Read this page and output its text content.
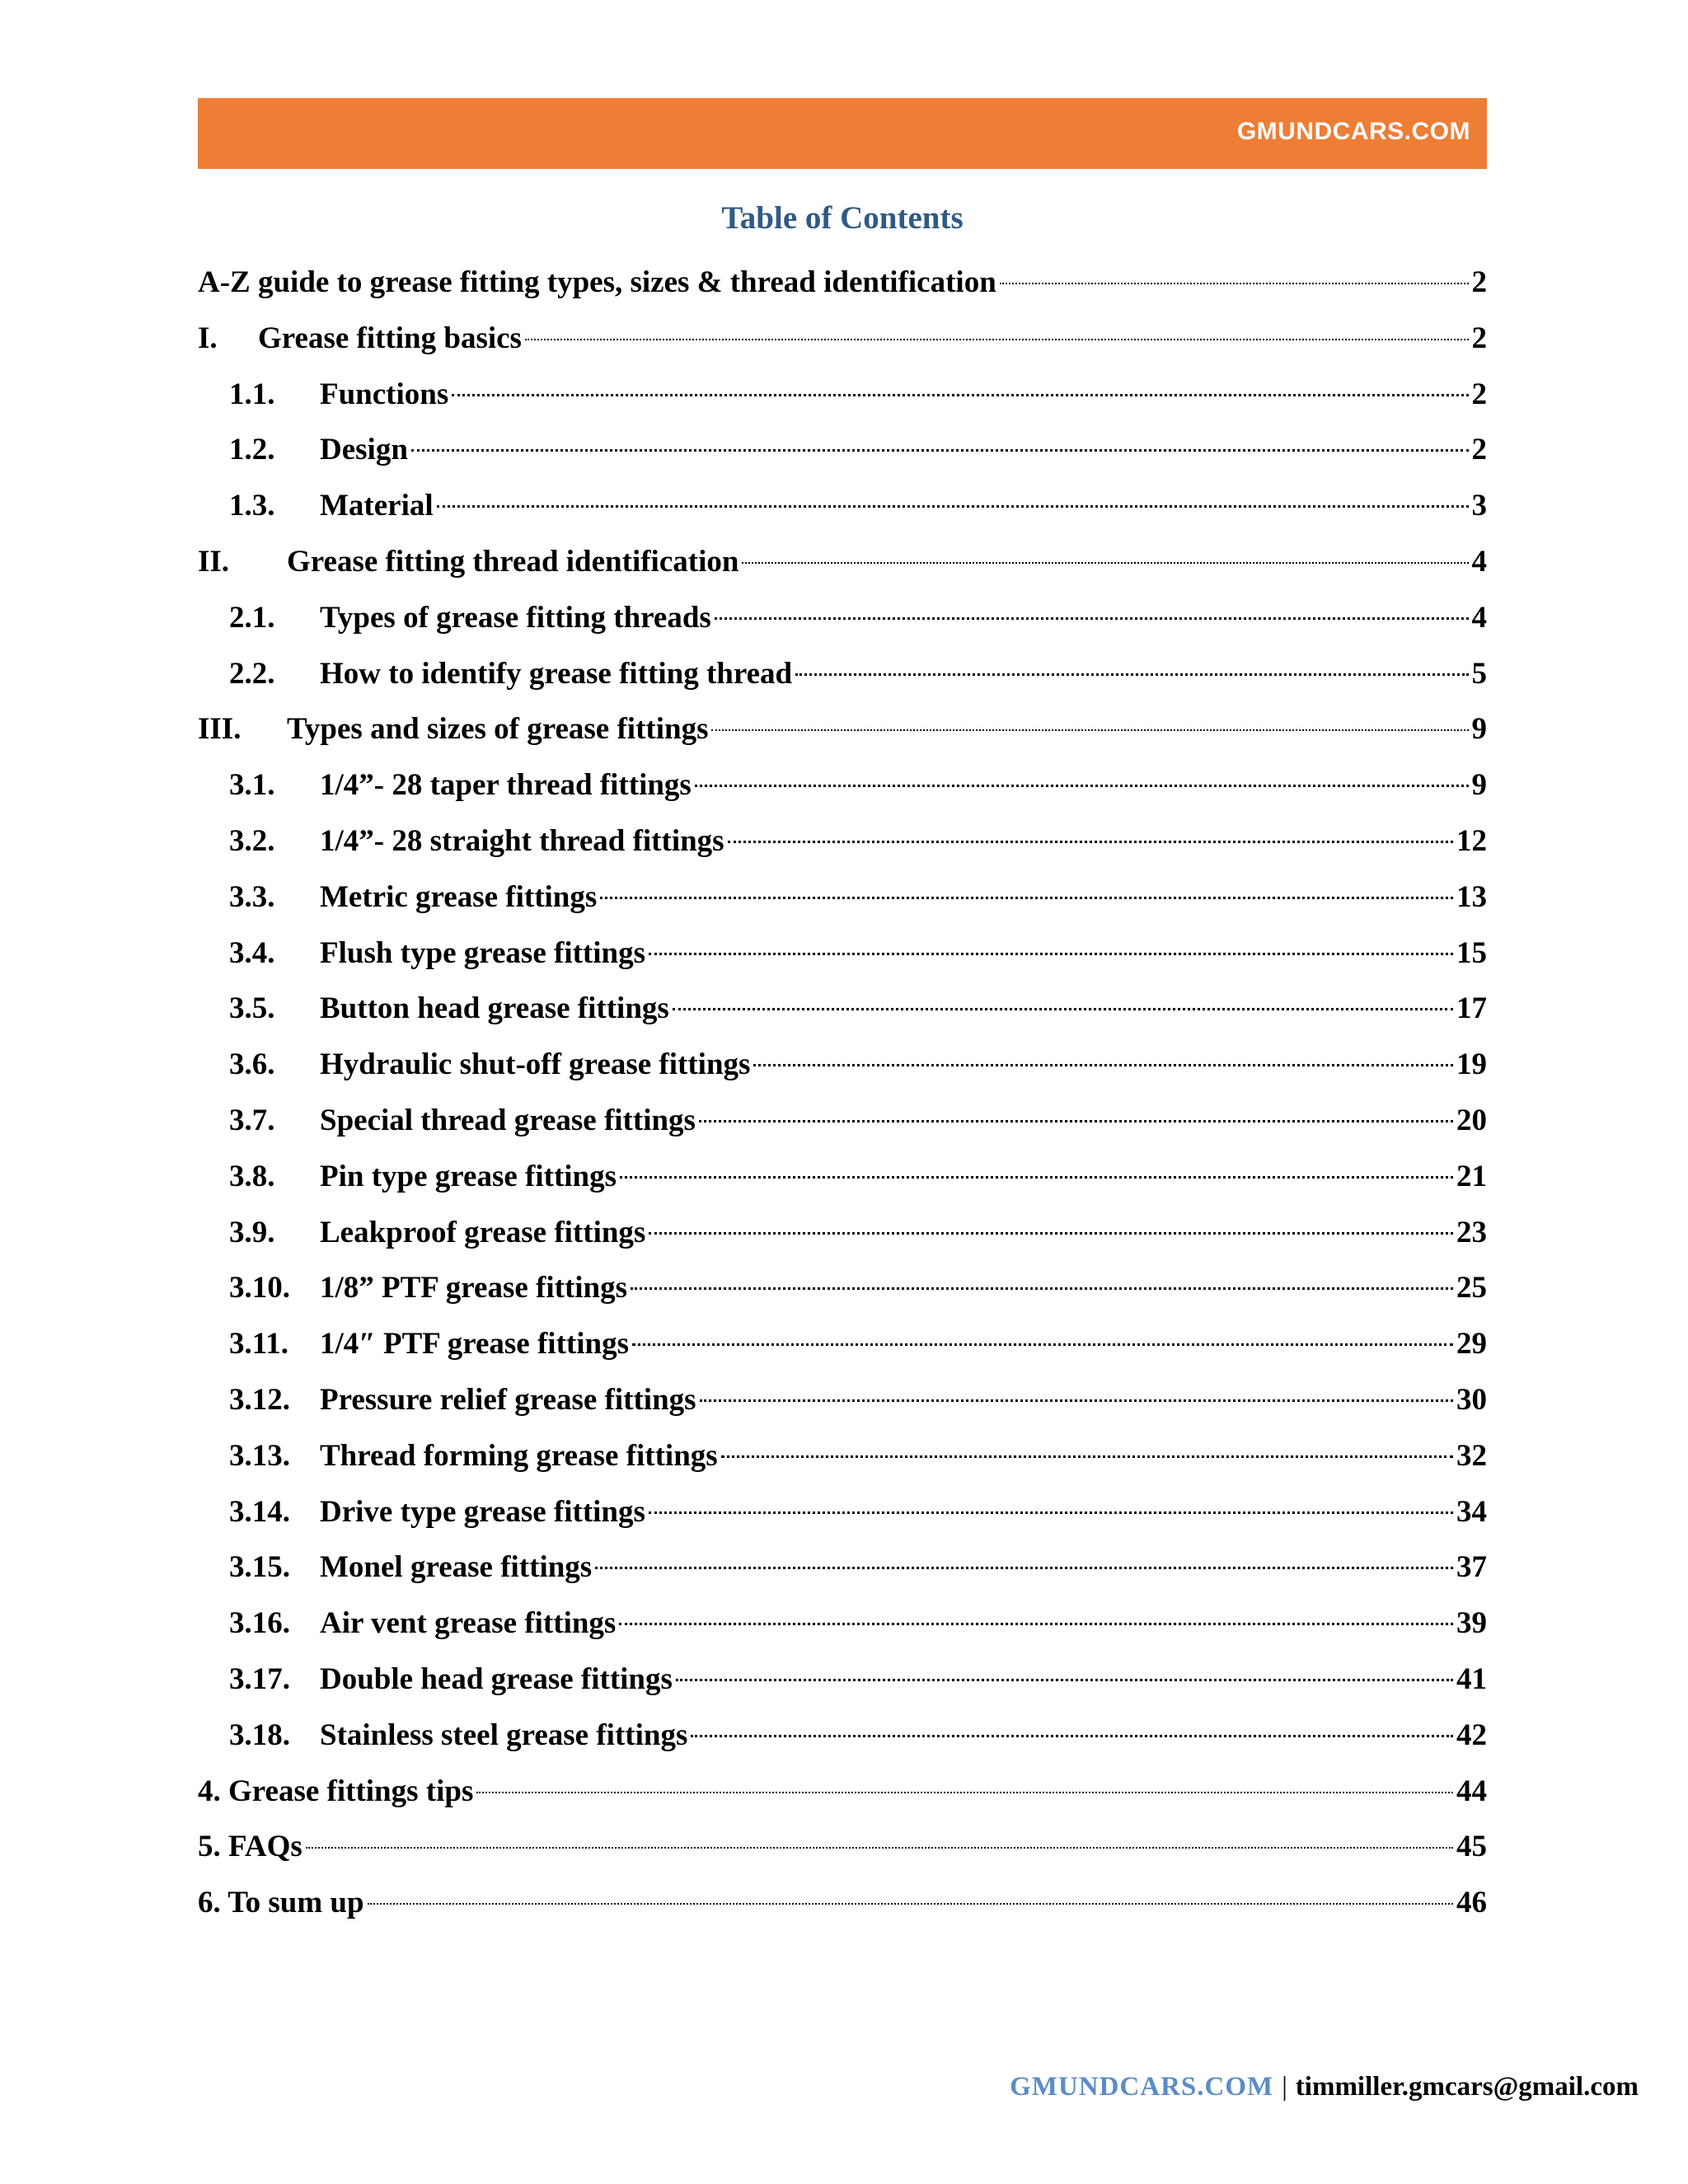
GMUNDCARS.COM
Table of Contents
A-Z guide to grease fitting types, sizes & thread identification	2
I.	Grease fitting basics	2
1.1.	Functions	2
1.2.	Design	2
1.3.	Material	3
II.	Grease fitting thread identification	4
2.1.	Types of grease fitting threads	4
2.2.	How to identify grease fitting thread	5
III.	Types and sizes of grease fittings	9
3.1.	1/4”- 28 taper thread fittings	9
3.2.	1/4”- 28 straight thread fittings	12
3.3.	Metric grease fittings	13
3.4.	Flush type grease fittings	15
3.5.	Button head grease fittings	17
3.6.	Hydraulic shut-off grease fittings	19
3.7.	Special thread grease fittings	20
3.8.	Pin type grease fittings	21
3.9.	Leakproof grease fittings	23
3.10. 1/8” PTF grease fittings	25
3.11.	1/4″ PTF grease fittings	29
3.12. Pressure relief grease fittings	30
3.13. Thread forming grease fittings	32
3.14. Drive type grease fittings	34
3.15. Monel grease fittings	37
3.16. Air vent grease fittings	39
3.17. Double head grease fittings	41
3.18. Stainless steel grease fittings	42
4. Grease fittings tips	44
5. FAQs	45
6. To sum up	46
GMUNDCARS.COM | timmiller.gmcars@gmail.com
